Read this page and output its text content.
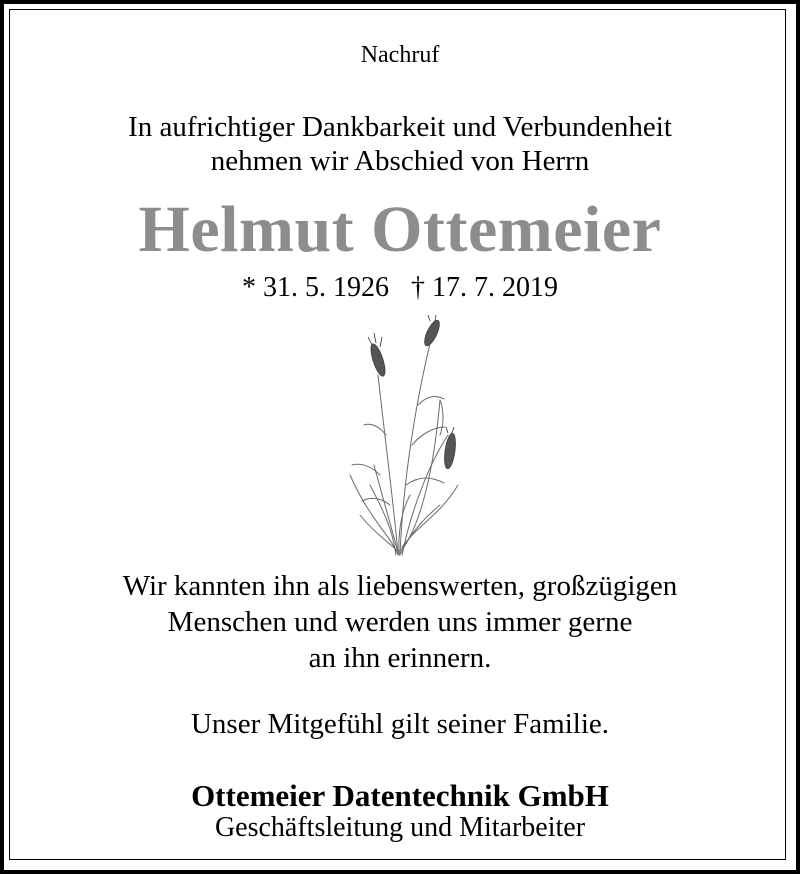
Nachruf
In aufrichtiger Dankbarkeit und Verbundenheit
nehmen wir Abschied von Herrn
Helmut Ottemeier
* 31. 5. 1926 † 17. 7. 2019
Wir kannten ihn als liebenswerten, großzügigen
Menschen und werden uns immer gerne
an ihn erinnern.
Unser Mitgefühl gilt seiner Familie.
Ottemeier Datentechnik GmbH
Geschäftsleitung und Mitarbeiter
